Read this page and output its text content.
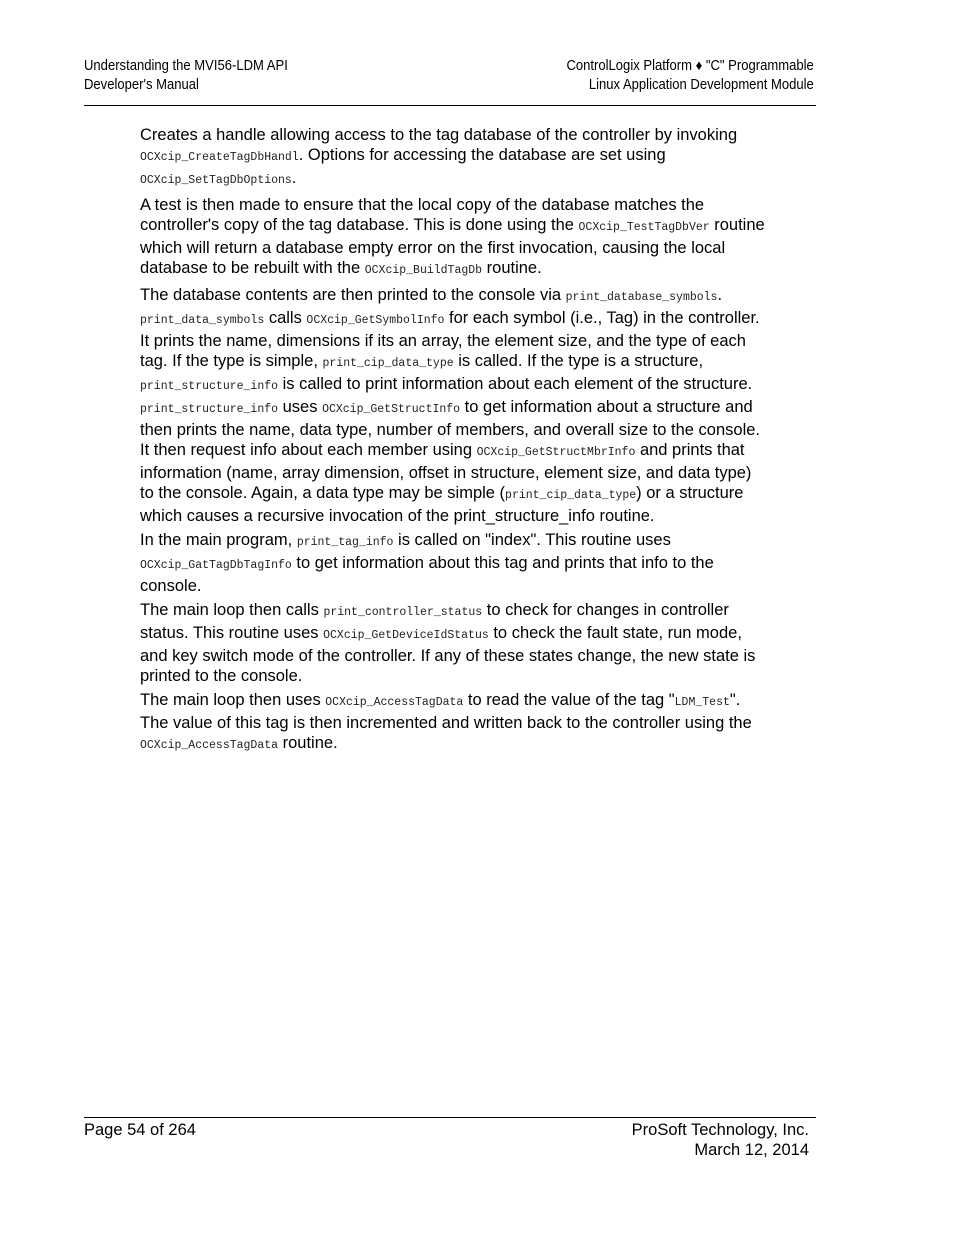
Understanding the MVI56-LDM API
Developer's Manual
ControlLogix Platform ♦ "C" Programmable
Linux Application Development Module

Creates a handle allowing access to the tag database of the controller by invoking OCXcip_CreateTagDbHandl. Options for accessing the database are set using OCXcip_SetTagDbOptions.

A test is then made to ensure that the local copy of the database matches the controller's copy of the tag database. This is done using the OCXcip_TestTagDbVer routine which will return a database empty error on the first invocation, causing the local database to be rebuilt with the OCXcip_BuildTagDb routine.

The database contents are then printed to the console via print_database_symbols. print_data_symbols calls OCXcip_GetSymbolInfo for each symbol (i.e., Tag) in the controller. It prints the name, dimensions if its an array, the element size, and the type of each tag. If the type is simple, print_cip_data_type is called. If the type is a structure, print_structure_info is called to print information about each element of the structure. print_structure_info uses OCXcip_GetStructInfo to get information about a structure and then prints the name, data type, number of members, and overall size to the console. It then request info about each member using OCXcip_GetStructMbrInfo and prints that information (name, array dimension, offset in structure, element size, and data type) to the console. Again, a data type may be simple (print_cip_data_type) or a structure which causes a recursive invocation of the print_structure_info routine.

In the main program, print_tag_info is called on "index". This routine uses OCXcip_GatTagDbTagInfo to get information about this tag and prints that info to the console.

The main loop then calls print_controller_status to check for changes in controller status. This routine uses OCXcip_GetDeviceIdStatus to check the fault state, run mode, and key switch mode of the controller. If any of these states change, the new state is printed to the console.

The main loop then uses OCXcip_AccessTagData to read the value of the tag "LDM_Test". The value of this tag is then incremented and written back to the controller using the OCXcip_AccessTagData routine.

Page 54 of 264	ProSoft Technology, Inc.
March 12, 2014
